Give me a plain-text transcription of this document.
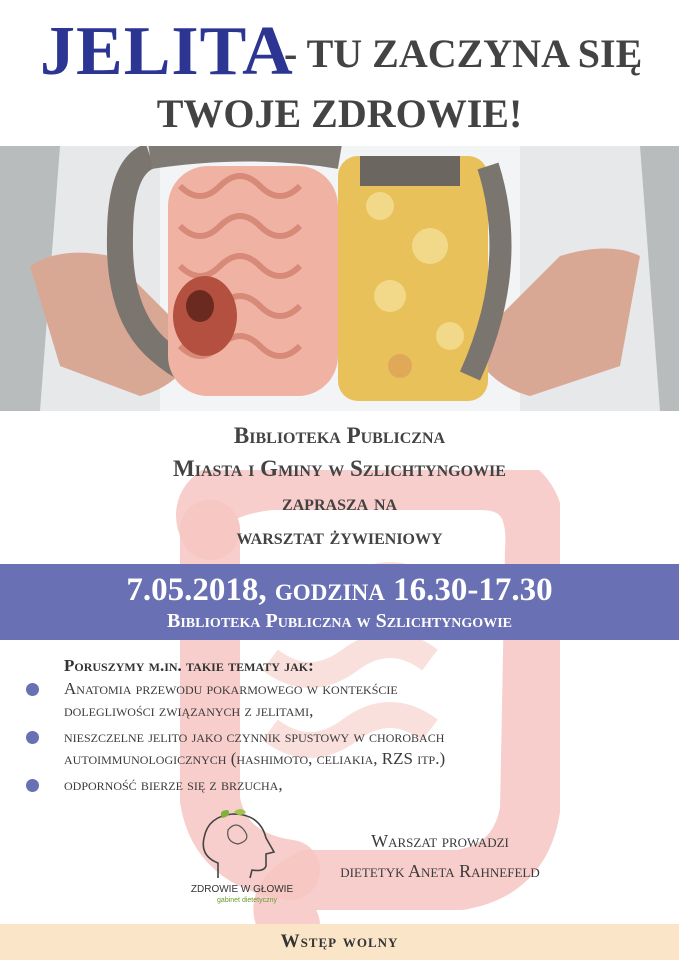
JELITA
- TU ZACZYNA SIĘ
TWOJE ZDROWIE!
Biblioteka Publiczna
Miasta i Gminy w Szlichtyngowie
zaprasza na
warsztat żywieniowy
7.05.2018, godzina 16.30-17.30
Biblioteka Publiczna w Szlichtyngowie
Poruszymy m.in. takie tematy jak:
Anatomia przewodu pokarmowego w kontekście
dolegliwości związanych z jelitami,
nieszczelne jelito jako czynnik spustowy w chorobach
autoimmunologicznych (hashimoto, celiakia, RZS itp.)
odporność bierze się z brzucha,
ZDROWIE W GŁOWIE
gabinet dietetyczny
Warszat prowadzi
dietetyk Aneta Rahnefeld
Wstęp wolny
